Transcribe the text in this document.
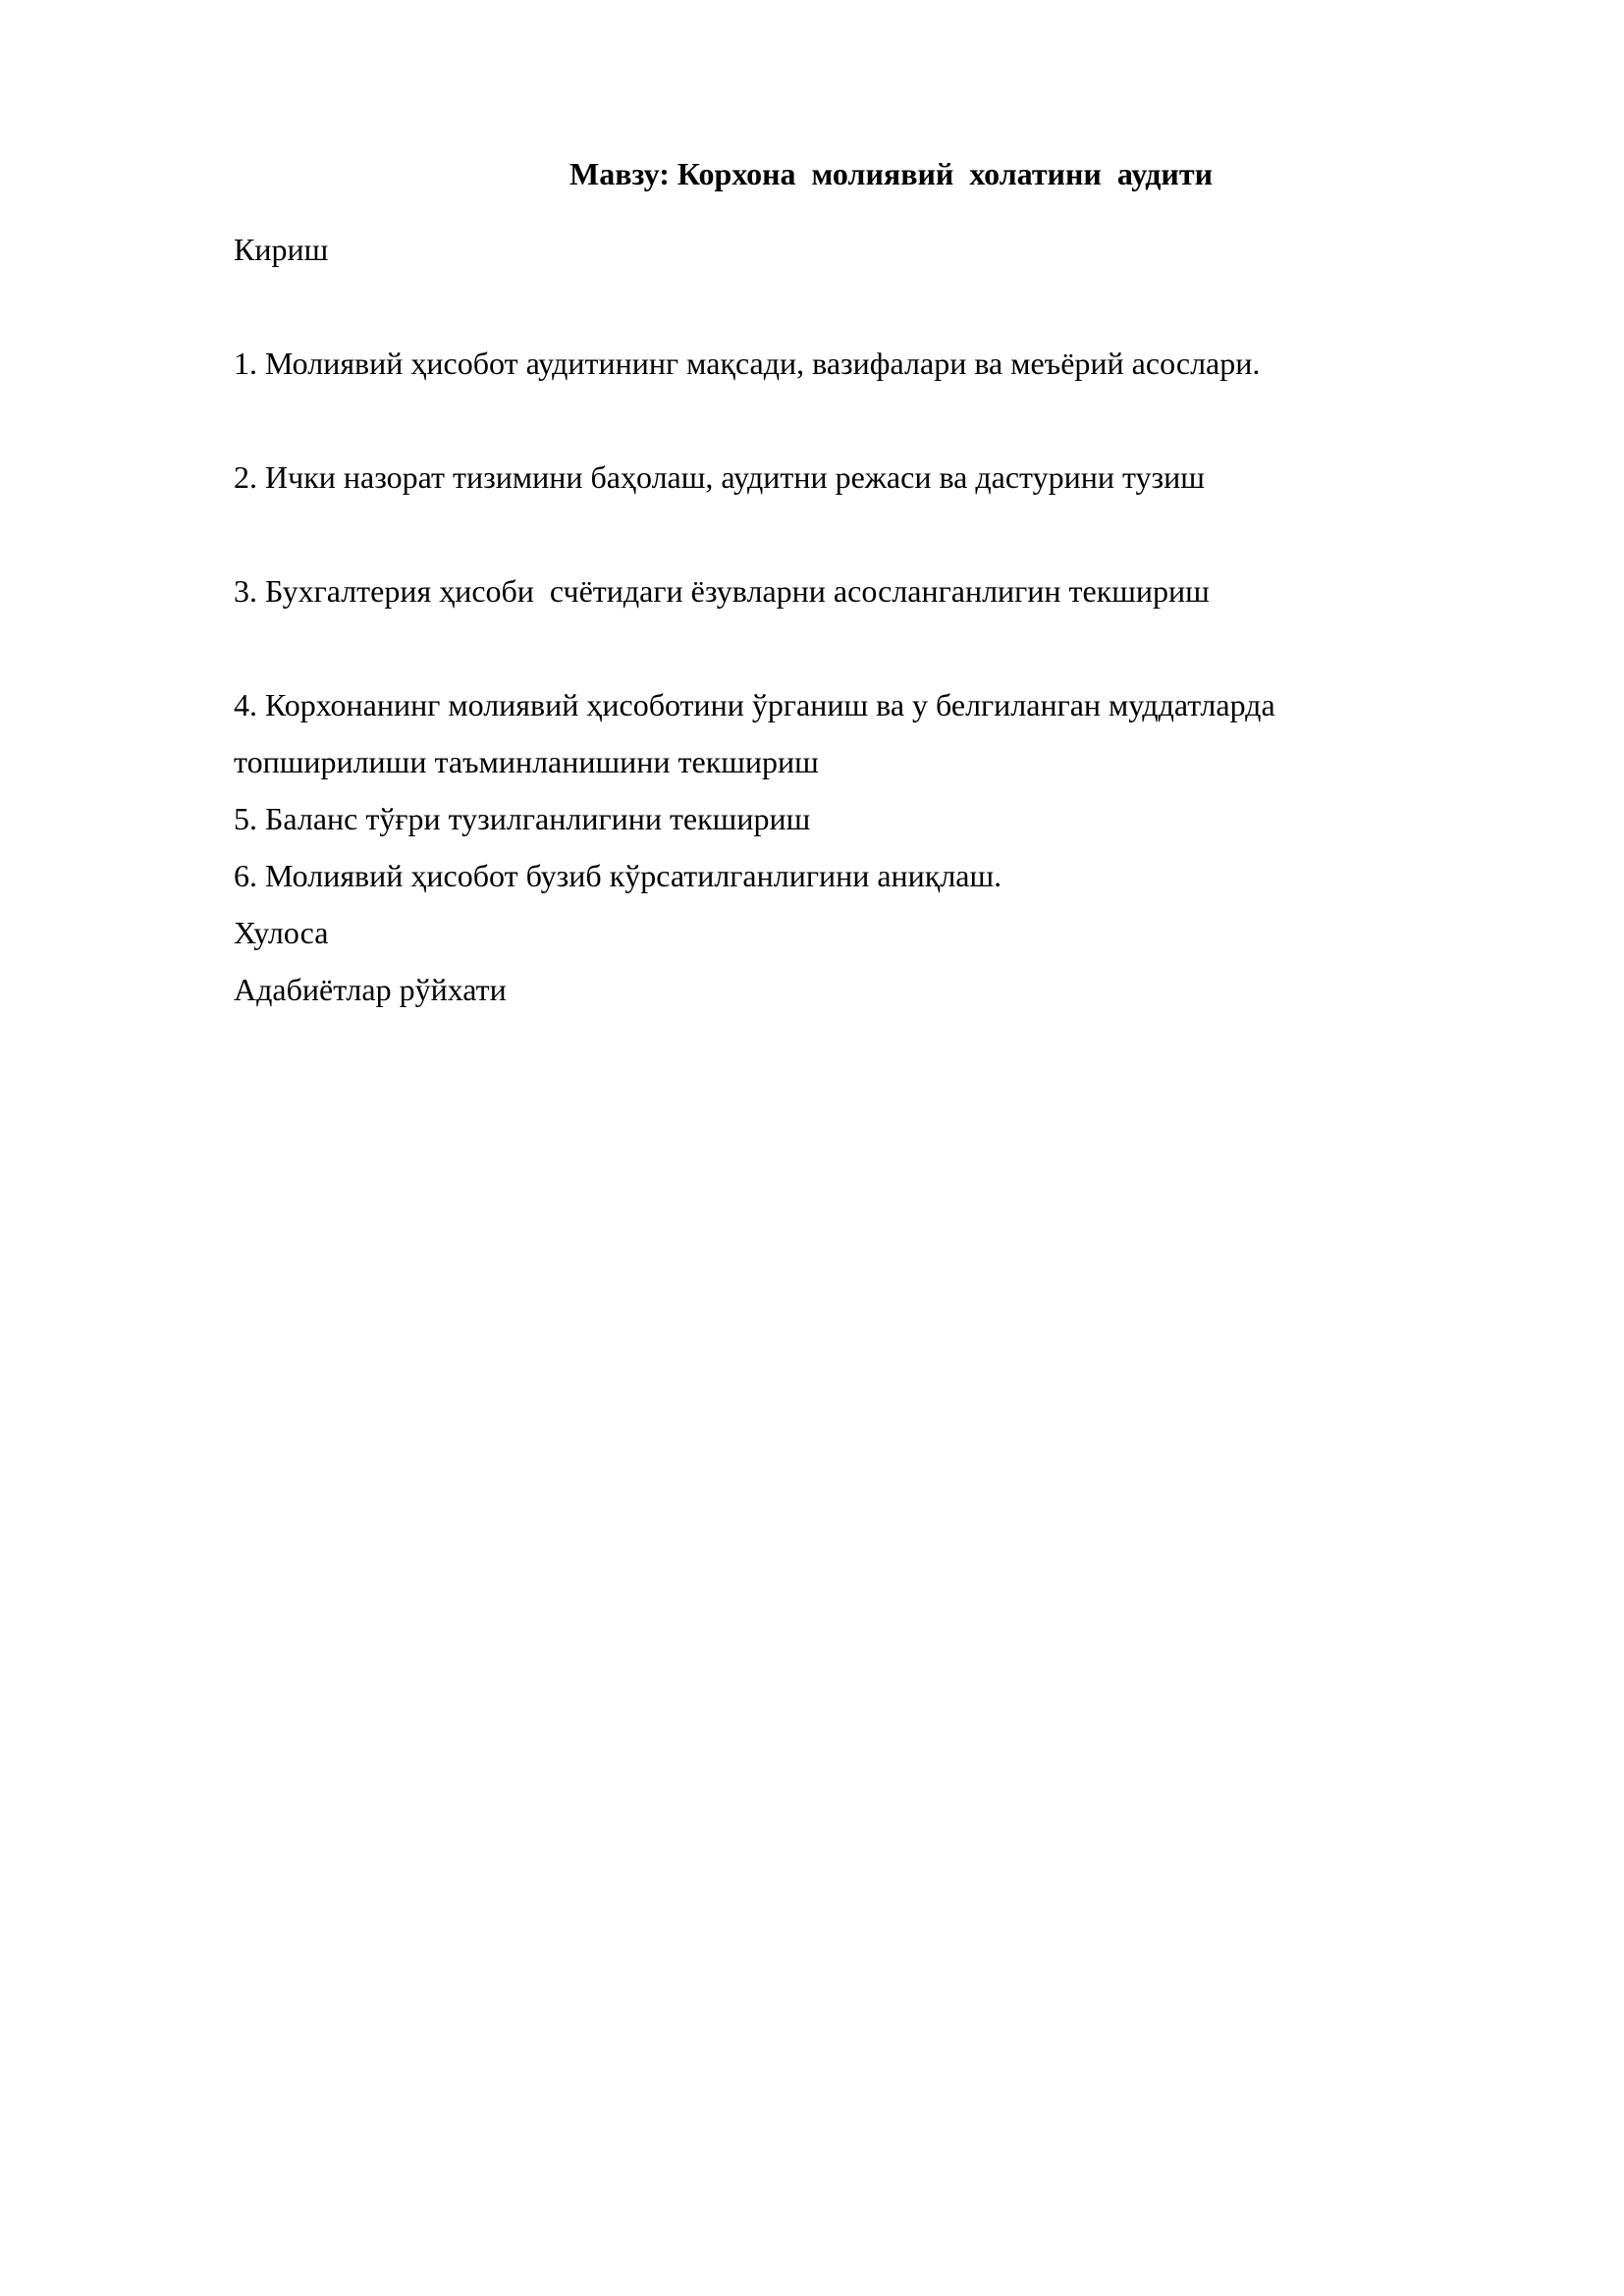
Мавзу: Корхона  молиявий  холатини  аудити
Кириш
1. Молиявий ҳисобот аудитининг мақсади, вазифалари ва меъёрий асослари.
2. Ички назорат тизимини баҳолаш, аудитни режаси ва дастурини тузиш
3. Бухгалтерия ҳисоби  счётидаги ёзувларни асосланганлигин текшириш
4. Корхонанинг молиявий ҳисоботини ўрганиш ва у белгиланган муддатларда
топширилиши таъминланишини текшириш
5. Баланс тўғри тузилганлигини текшириш
6. Молиявий ҳисобот бузиб кўрсатилганлигини аниқлаш.
Хулоса
Адабиётлар рўйхати
